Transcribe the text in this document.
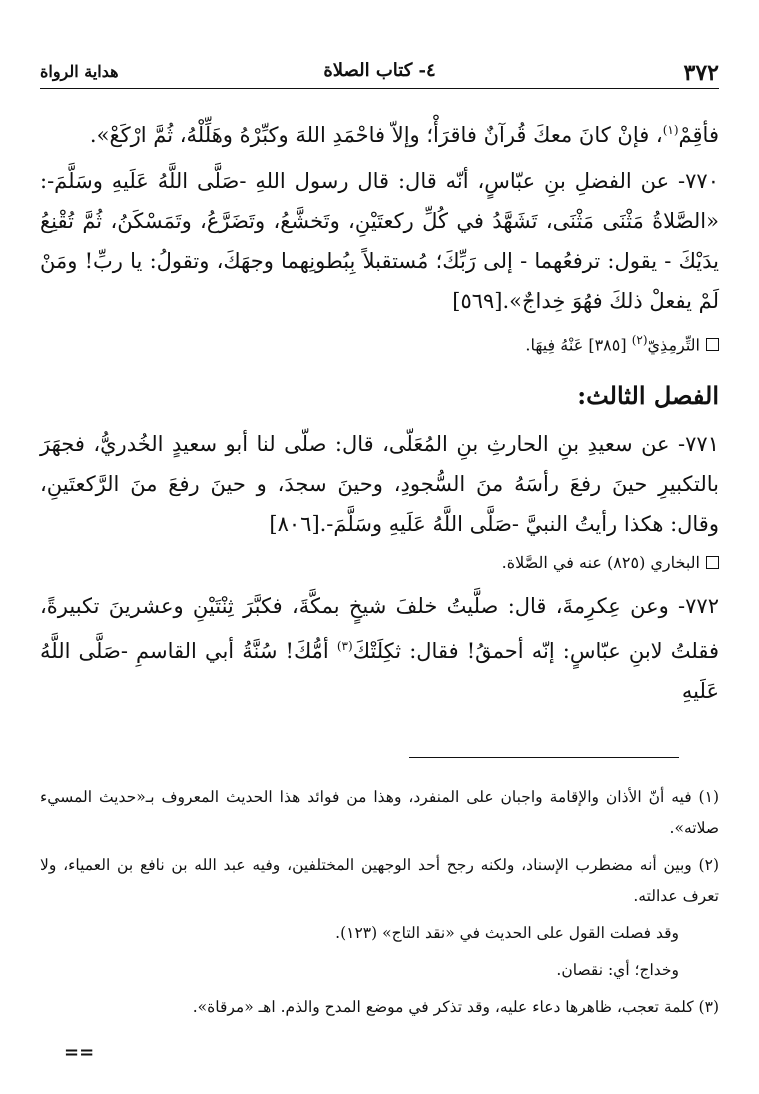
٣٧٢
٤- كتاب الصلاة
هداية الرواة

فأقِمْ$^{(١)}$، فإنْ كانَ معكَ قُرآنٌ فاقرَأْ؛ وإلاّ فاحْمَدِ اللهَ وكبِّرْهُ وهَلِّلْهُ، ثُمَّ ارْكَعْ».

٧٧٠- عن الفضلِ بنِ عبّاسٍ، أنّه قال: قال رسول اللهِ -صَلَّى اللَّهُ عَلَيهِ وسَلَّمَ-: «الصَّلاةُ مَثْنَى مَثْنَى، تَشَهَّدُ في كُلِّ ركعتَيْنِ، وتَخشَّعُ، وتَضَرَّعُ، وتَمَسْكَنُ، ثُمَّ تُقْنِعُ يدَيْكَ - يقول: ترفعُهما - إلى رَبِّكَ؛ مُستقبلاً بِبُطونِهما وجهَكَ، وتقولُ: يا ربِّ! ومَنْ لَمْ يفعلْ ذلكَ فهُوَ خِداجٌ».[٥٦٩]

التِّرمِذِيّ$^{(٢)}$ [٣٨٥] عَنْهُ فِيهَا.

الفصل الثالث:

٧٧١- عن سعيدِ بنِ الحارثِ بنِ المُعَلّى، قال: صلّى لنا أبو سعيدٍ الخُدريُّ، فجهَرَ بالتكبيرِ حينَ رفعَ رأسَهُ منَ السُّجودِ، وحينَ سجدَ، و حينَ رفعَ منَ الرَّكعتَينِ، وقال: هكذا رأيتُ النبيَّ -صَلَّى اللَّهُ عَلَيهِ وسَلَّمَ-.[٨٠٦]

البخاري (٨٢٥) عنه في الصَّلاة.

٧٧٢- وعن عِكرِمةَ، قال: صلَّيتُ خلفَ شيخٍ بمكَّةَ، فكبَّرَ ثِنْتَيْنِ وعشرينَ تكبيرةً، فقلتُ لابنِ عبّاسٍ: إنّه أحمقُ! فقال: ثكِلَتْكَ$^{(٣)}$ أمُّكَ! سُنَّةُ أبي القاسمِ -صَلَّى اللَّهُ عَلَيهِ

(١) فيه أنّ الأذان والإقامة واجبان على المنفرد، وهذا من فوائد هذا الحديث المعروف بـ«حديث المسيء صلاته».

(٢) وبين أنه مضطرب الإسناد، ولكنه رجح أحد الوجهين المختلفين، وفيه عبد الله بن نافع بن العمياء، ولا تعرف عدالته.

وقد فصلت القول على الحديث في «نقد التاج» (١٢٣).

وخداج؛ أي: نقصان.

(٣) كلمة تعجب، ظاهرها دعاء عليه، وقد تذكر في موضع المدح والذم. اهـ «مرقاة».

==
